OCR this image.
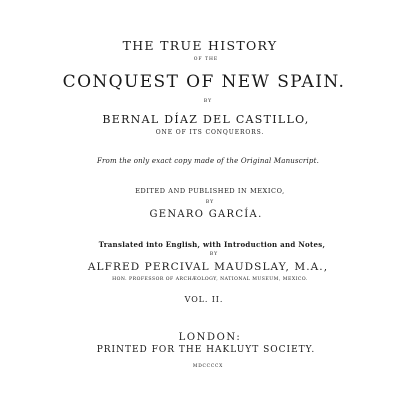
THE TRUE HISTORY
OF THE
CONQUEST OF NEW SPAIN.
BY
BERNAL DÍAZ DEL CASTILLO,
ONE OF ITS CONQUERORS.
From the only exact copy made of the Original Manuscript.
EDITED AND PUBLISHED IN MEXICO,
BY
GENARO GARCÍA.
Translated into English, with Introduction and Notes,
BY
ALFRED PERCIVAL MAUDSLAY, M.A.,
HON. PROFESSOR OF ARCHÆOLOGY, NATIONAL MUSEUM, MEXICO.
VOL. II.
LONDON:
PRINTED FOR THE HAKLUYT SOCIETY.
MDCCCCX
